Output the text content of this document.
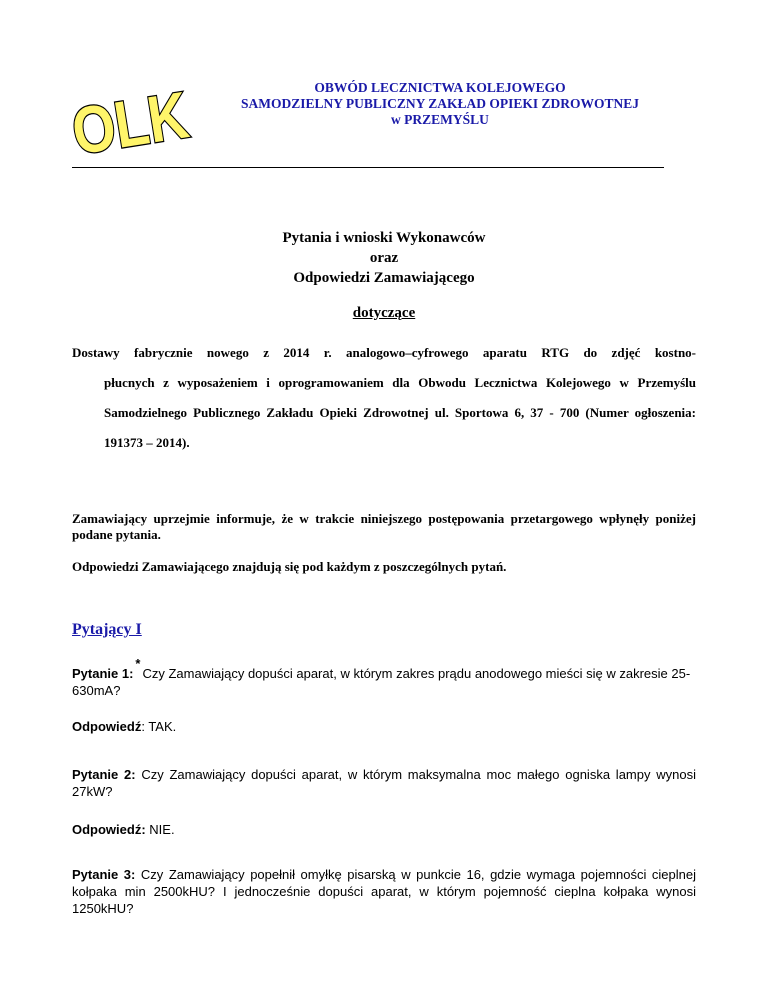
OLK	OBWÓD LECZNICTWA KOLEJOWEGO
SAMODZIELNY PUBLICZNY ZAKŁAD OPIEKI ZDROWOTNEJ
w PRZEMYŚLU
Pytania i wnioski Wykonawców
oraz
Odpowiedzi Zamawiającego
dotyczące
Dostawy fabrycznie nowego z 2014 r. analogowo–cyfrowego aparatu RTG do zdjęć kostno-
płucnych z wyposażeniem i oprogramowaniem dla Obwodu Lecznictwa Kolejowego w Przemyślu Samodzielnego Publicznego Zakładu Opieki Zdrowotnej ul. Sportowa 6, 37 - 700 (Numer ogłoszenia: 191373 – 2014).
Zamawiający uprzejmie informuje, że w trakcie niniejszego postępowania przetargowego wpłynęły poniżej podane pytania.
Odpowiedzi Zamawiającego znajdują się pod każdym z poszczególnych pytań.
Pytający I
Pytanie 1:*Czy Zamawiający dopuści aparat, w którym zakres prądu anodowego mieści się w zakresie 25-630mA?
Odpowiedź: TAK.
Pytanie 2: Czy Zamawiający dopuści aparat, w którym maksymalna moc małego ogniska lampy wynosi 27kW?
Odpowiedź: NIE.
Pytanie 3: Czy Zamawiający popełnił omyłkę pisarską w punkcie 16, gdzie wymaga pojemności cieplnej kołpaka min 2500kHU? I jednocześnie dopuści aparat, w którym pojemność cieplna kołpaka wynosi 1250kHU?
